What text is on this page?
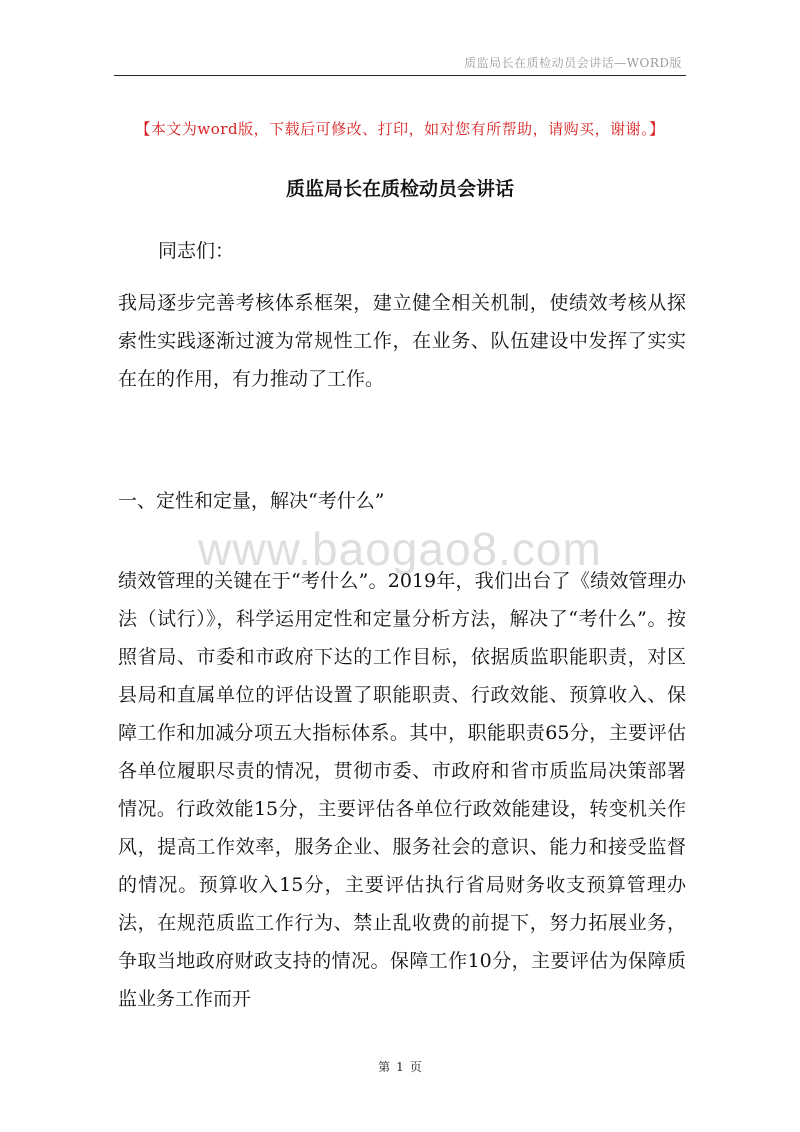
质监局长在质检动员会讲话—WORD版
【本文为word版，下载后可修改、打印，如对您有所帮助，请购买，谢谢。】
质监局长在质检动员会讲话
同志们：

我局逐步完善考核体系框架，建立健全相关机制，使绩效考核从探索性实践逐渐过渡为常规性工作，在业务、队伍建设中发挥了实实在在的作用，有力推动了工作。

一、定性和定量，解决“考什么”
www.baogao8.com

绩效管理的关键在于“考什么”。2019年，我们出台了《绩效管理办法（试行）》，科学运用定性和定量分析方法，解决了“考什么”。按照省局、市委和市政府下达的工作目标，依据质监职能职责，对区县局和直属单位的评估设置了职能职责、行政效能、预算收入、保障工作和加减分项五大指标体系。其中，职能职责65分，主要评估各单位履职尽责的情况，贯彻市委、市政府和省市质监局决策部署情况。行政效能15分，主要评估各单位行政效能建设，转变机关作风，提高工作效率，服务企业、服务社会的意识、能力和接受监督的情况。预算收入15分，主要评估执行省局财务收支预算管理办法，在规范质监工作行为、禁止乱收费的前提下，努力拓展业务，争取当地政府财政支持的情况。保障工作10分，主要评估为保障质监业务工作而开

第 1 页
